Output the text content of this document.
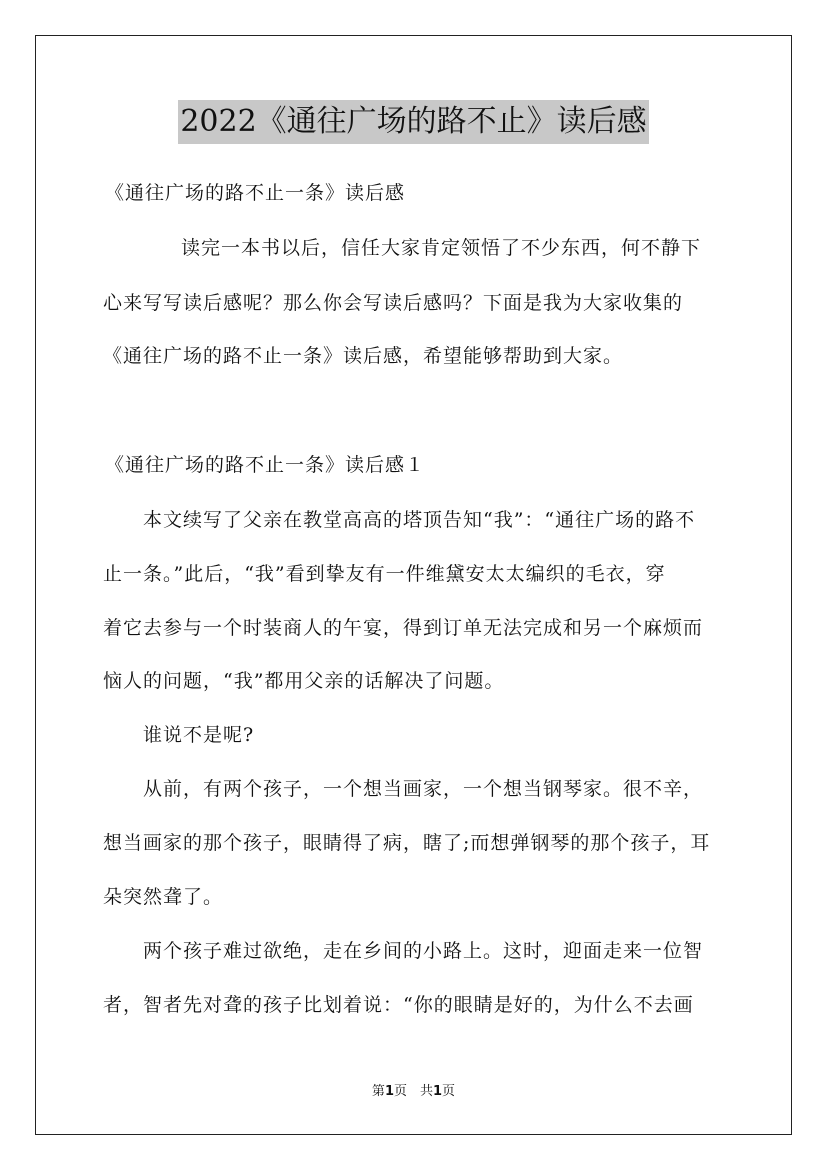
2022《通往广场的路不止》读后感
《通往广场的路不止一条》读后感
读完一本书以后，信任大家肯定领悟了不少东西，何不静下
心来写写读后感呢？那么你会写读后感吗？下面是我为大家收集的
《通往广场的路不止一条》读后感，希望能够帮助到大家。
《通往广场的路不止一条》读后感１
本文续写了父亲在教堂高高的塔顶告知“我”：“通往广场的路不
止一条。”此后，“我”看到挚友有一件维黛安太太编织的毛衣，穿
着它去参与一个时装商人的午宴，得到订单无法完成和另一个麻烦而
恼人的问题，“我”都用父亲的话解决了问题。
谁说不是呢?
从前，有两个孩子，一个想当画家，一个想当钢琴家。很不辛，
想当画家的那个孩子，眼睛得了病，瞎了;而想弹钢琴的那个孩子，耳
朵突然聋了。
两个孩子难过欲绝，走在乡间的小路上。这时，迎面走来一位智
者，智者先对聋的孩子比划着说：“你的眼睛是好的，为什么不去画
第1页　共1页
